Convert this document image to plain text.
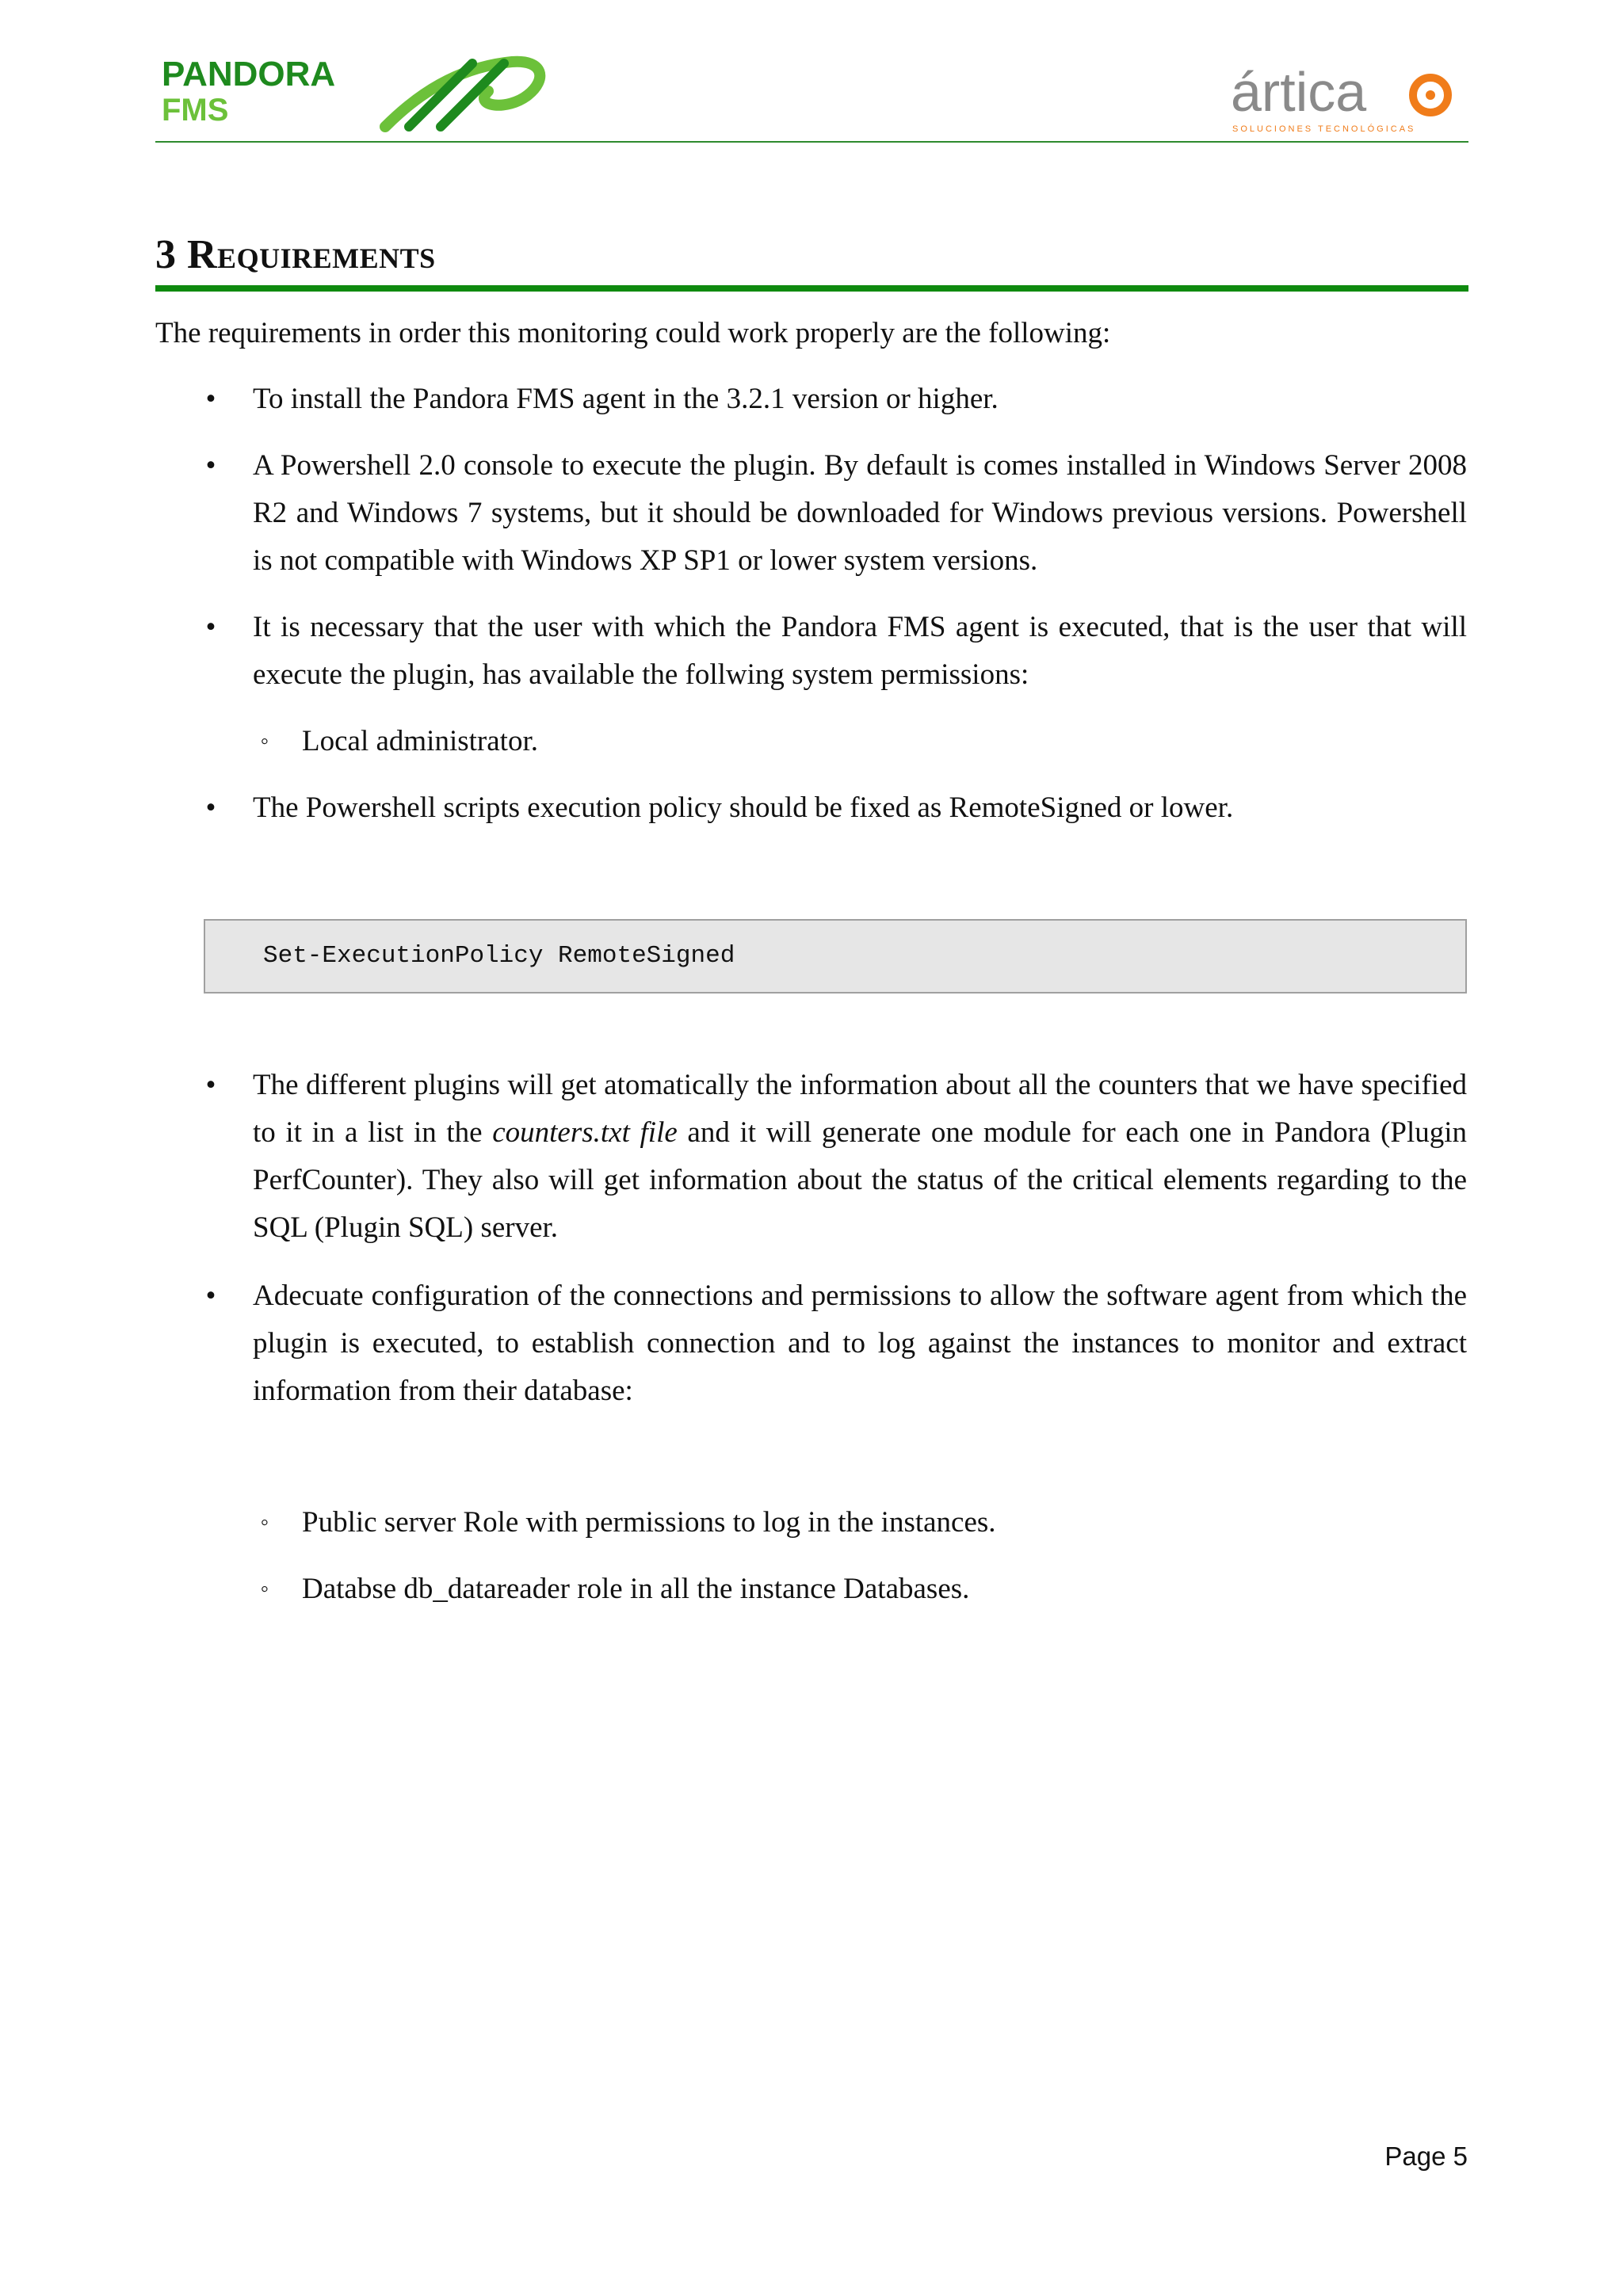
PANDORA
FMS	ártica
SOLUCIONES TECNOLÓGICAS
3 Requirements
The requirements in order this monitoring could work properly are the following:
•	To install the Pandora FMS agent in the 3.2.1 version or higher.
•	A Powershell 2.0 console to execute the plugin. By default is comes installed in Windows Server 2008 R2 and Windows 7 systems, but it should be downloaded for Windows previous versions. Powershell is not compatible with Windows XP SP1 or lower system versions.

•	It is necessary that the user with which the Pandora FMS agent is executed, that is the user that will execute the plugin, has available the follwing system permissions:

◦	Local administrator.
•	The Powershell scripts execution policy should be fixed as RemoteSigned or lower.
Set-ExecutionPolicy RemoteSigned
•	The different plugins will get atomatically the information about all the counters that we have specified to it in a list in the counters.txt file and it will generate one module for each one in Pandora (Plugin PerfCounter). They also will get information about the status of the critical elements regarding to the SQL (Plugin SQL) server.

•	Adecuate configuration of the connections and permissions to allow the software agent from which the plugin is executed, to establish connection and to log against the instances to monitor and extract information from their database:

◦	Public server Role with permissions to log in the instances.
◦	Databse db_datareader role in all the instance Databases.
Page 5
